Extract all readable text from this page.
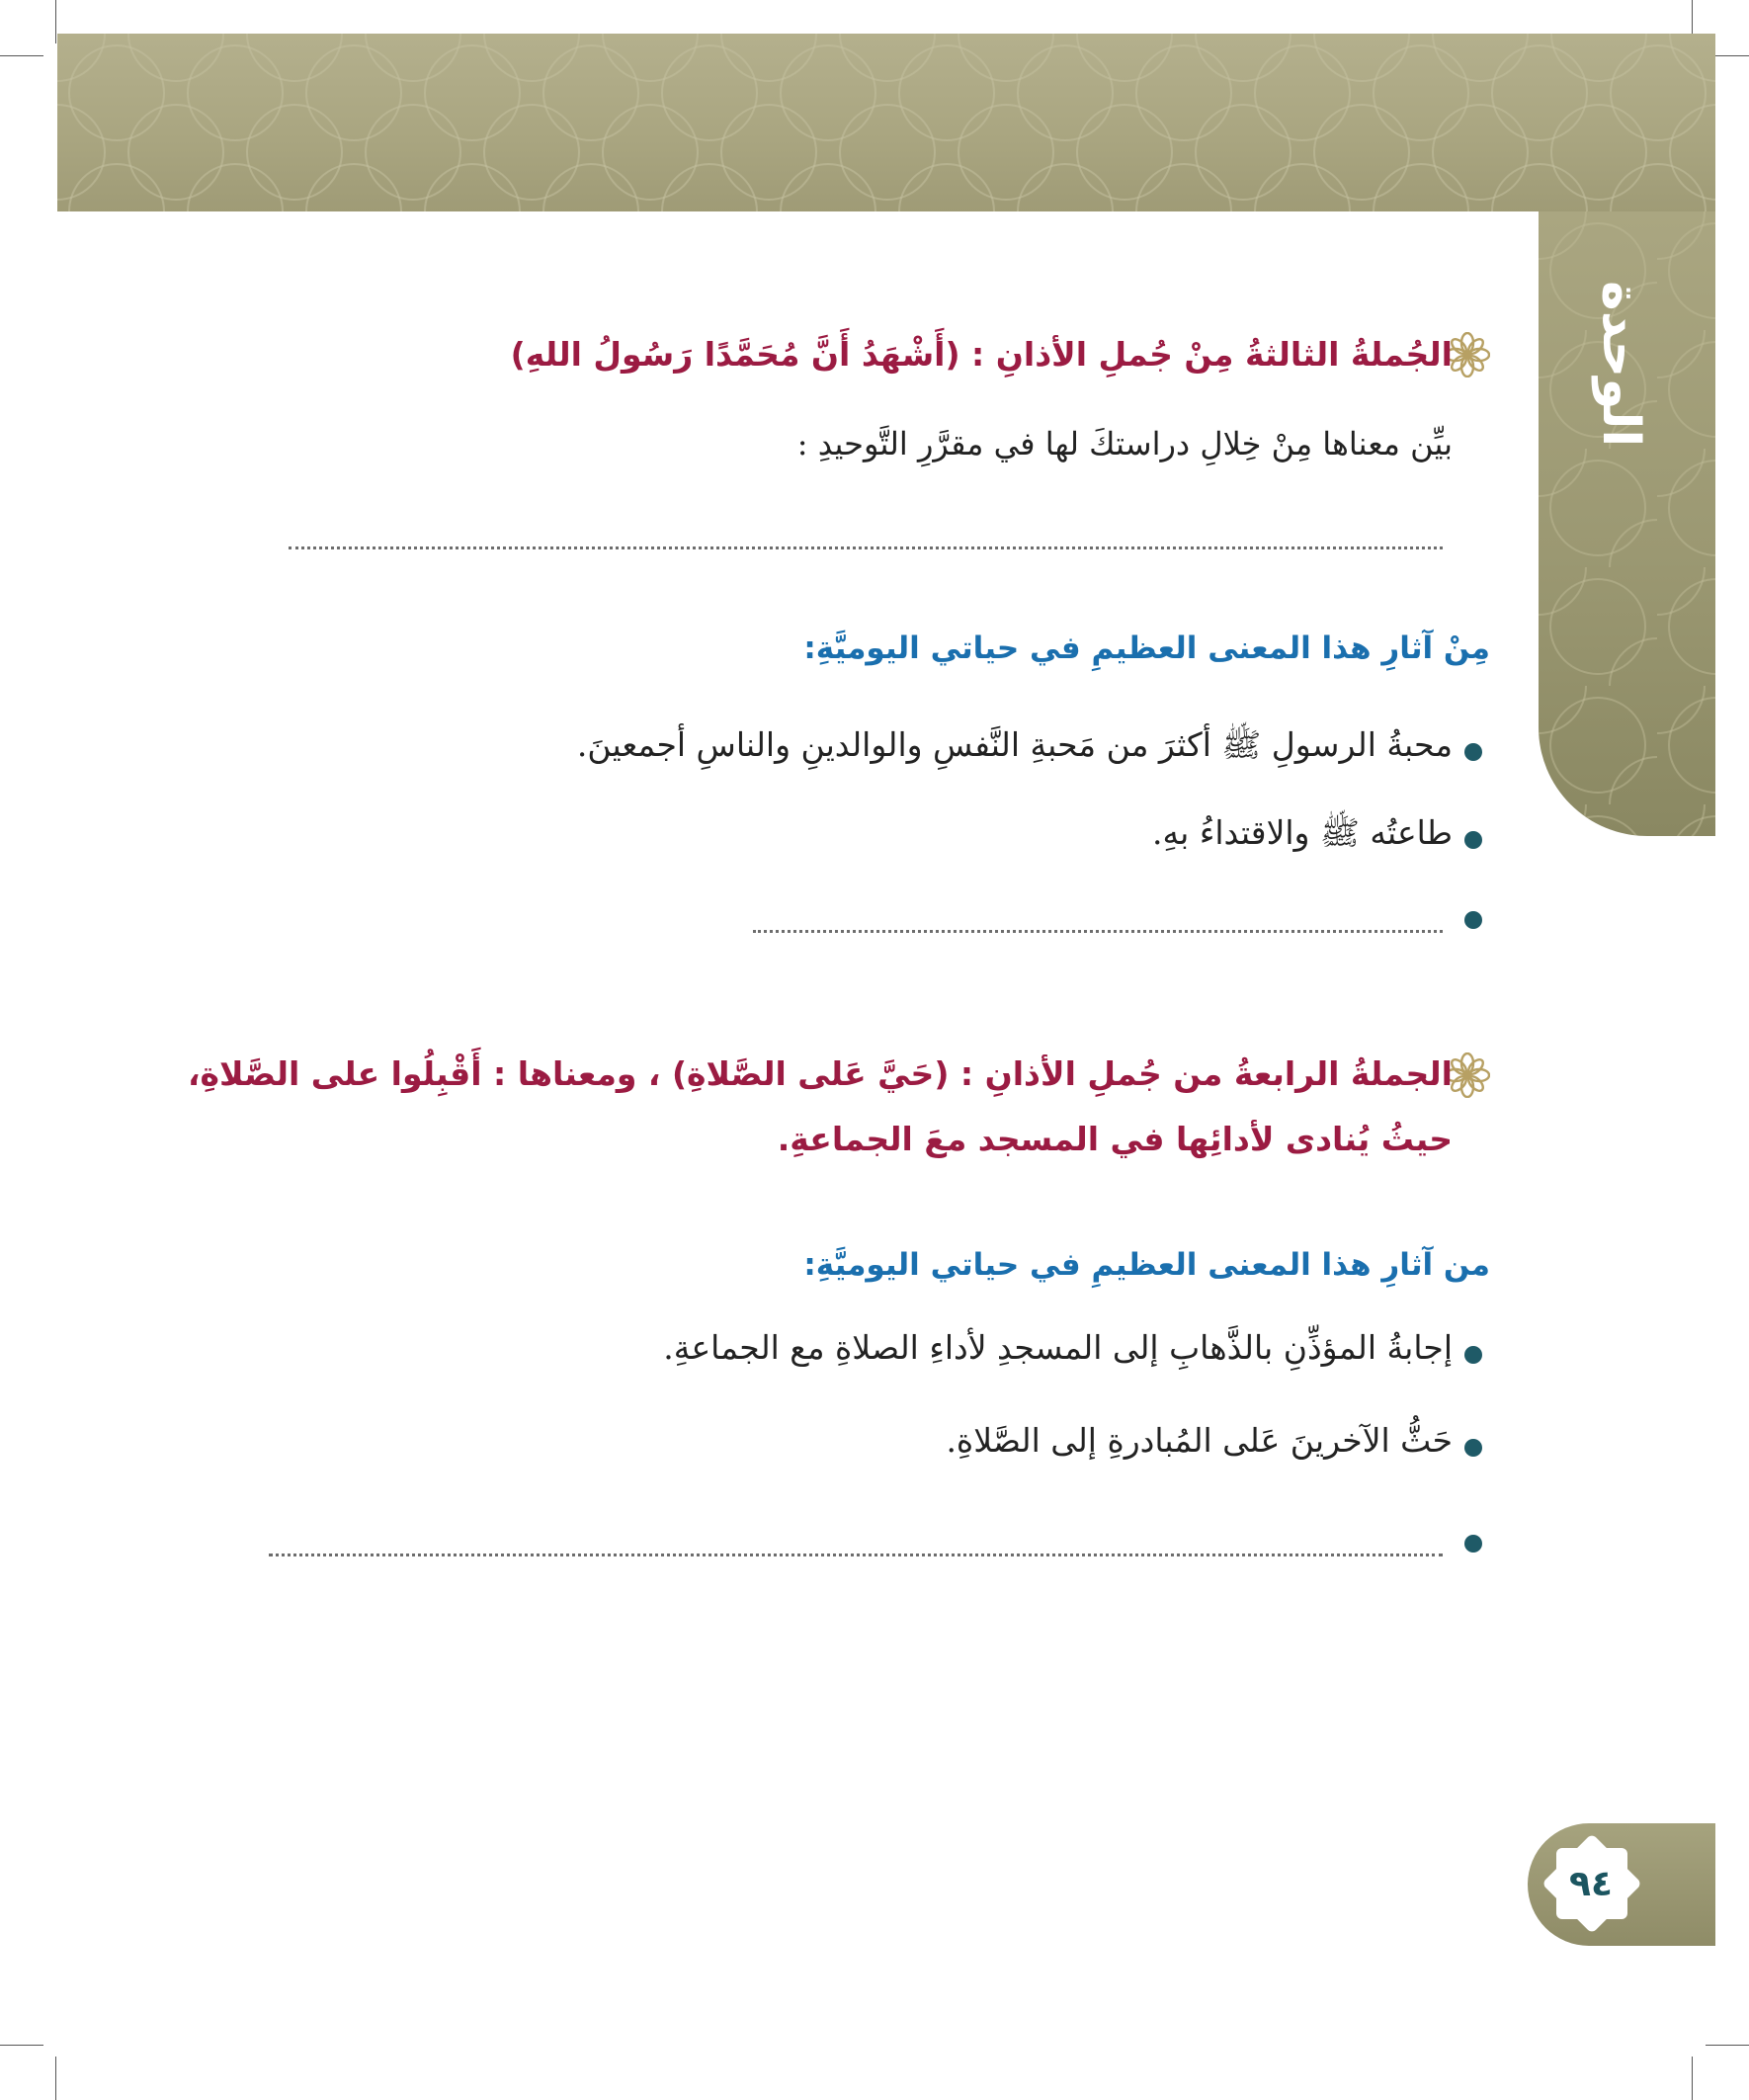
الوحدة الأولى
الجُملةُ الثالثةُ مِنْ جُملِ الأذانِ : (أَشْهَدُ أَنَّ مُحَمَّدًا رَسُولُ اللهِ)
بيِّن معناها مِنْ خِلالِ دراستكَ لها في مقرَّرِ التَّوحيدِ :
مِنْ آثارِ هذا المعنى العظيمِ في حياتي اليوميَّةِ:
محبةُ الرسولِ ﷺ أكثرَ من مَحبةِ النَّفسِ والوالدينِ والناسِ أجمعينَ.
طاعتُه ﷺ والاقتداءُ بهِ.
الجملةُ الرابعةُ من جُملِ الأذانِ : (حَيَّ عَلى الصَّلاةِ) ، ومعناها : أَقْبِلُوا على الصَّلاةِ، حيثُ يُنادى لأدائِها في المسجد معَ الجماعةِ.
من آثارِ هذا المعنى العظيمِ في حياتي اليوميَّةِ:
إجابةُ المؤذِّنِ بالذَّهابِ إلى المسجدِ لأداءِ الصلاةِ مع الجماعةِ.
حَثُّ الآخرينَ عَلى المُبادرةِ إلى الصَّلاةِ.
٩٤
